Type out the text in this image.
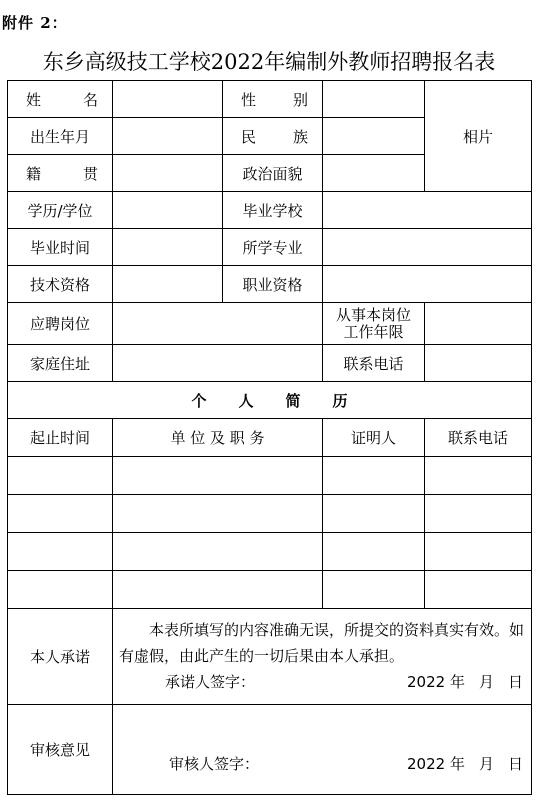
附件 2：
东乡高级技工学校2022年编制外教师招聘报名表
姓 名		性 别		相片
出生年月		民 族		

籍 贯		政治面貌		
学历/学位		毕业学校		
毕业时间		所学专业		
技术资格		职业资格		
应聘岗位			从事本岗位
工作年限	

家庭住址			联系电话	
个 人 简 历				
起止时间	单 位 及 职 务		证明人	联系电话

本人承诺	本表所填写的内容准确无误，所提交的资料真实有效。如有虚假，由此产生的一切后果由本人承担。
承诺人签字： 2022 年 月 日			

审核意见	审核人签字： 2022 年 月 日			
